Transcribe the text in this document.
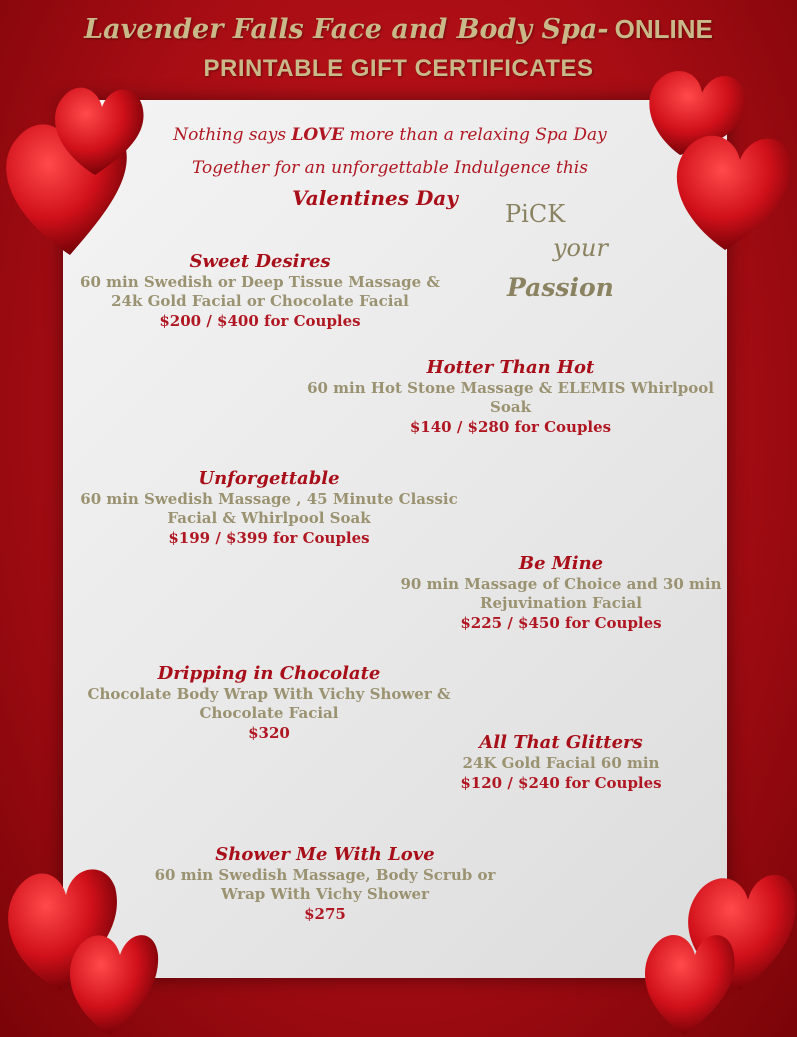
Lavender Falls Face and Body Spa- ONLINE
PRINTABLE GIFT CERTIFICATES
Nothing says LOVE more than a relaxing Spa Day
Together for an unforgettable Indulgence this
Valentines Day
PiCK
your
Passion
Sweet Desires
60 min Swedish or Deep Tissue Massage &
24k Gold Facial or Chocolate Facial
$200 / $400 for Couples
Hotter Than Hot
60 min Hot Stone Massage & ELEMIS Whirlpool
Soak
$140 / $280 for Couples
Unforgettable
60 min Swedish Massage , 45 Minute Classic
Facial & Whirlpool Soak
$199 / $399 for Couples
Be Mine
90 min Massage of Choice and 30 min
Rejuvination Facial
$225 / $450 for Couples
Dripping in Chocolate
Chocolate Body Wrap With Vichy Shower &
Chocolate Facial
$320	All That Glitters
24K Gold Facial 60 min
$120 / $240 for Couples
Shower Me With Love
60 min Swedish Massage, Body Scrub or
Wrap With Vichy Shower
$275
